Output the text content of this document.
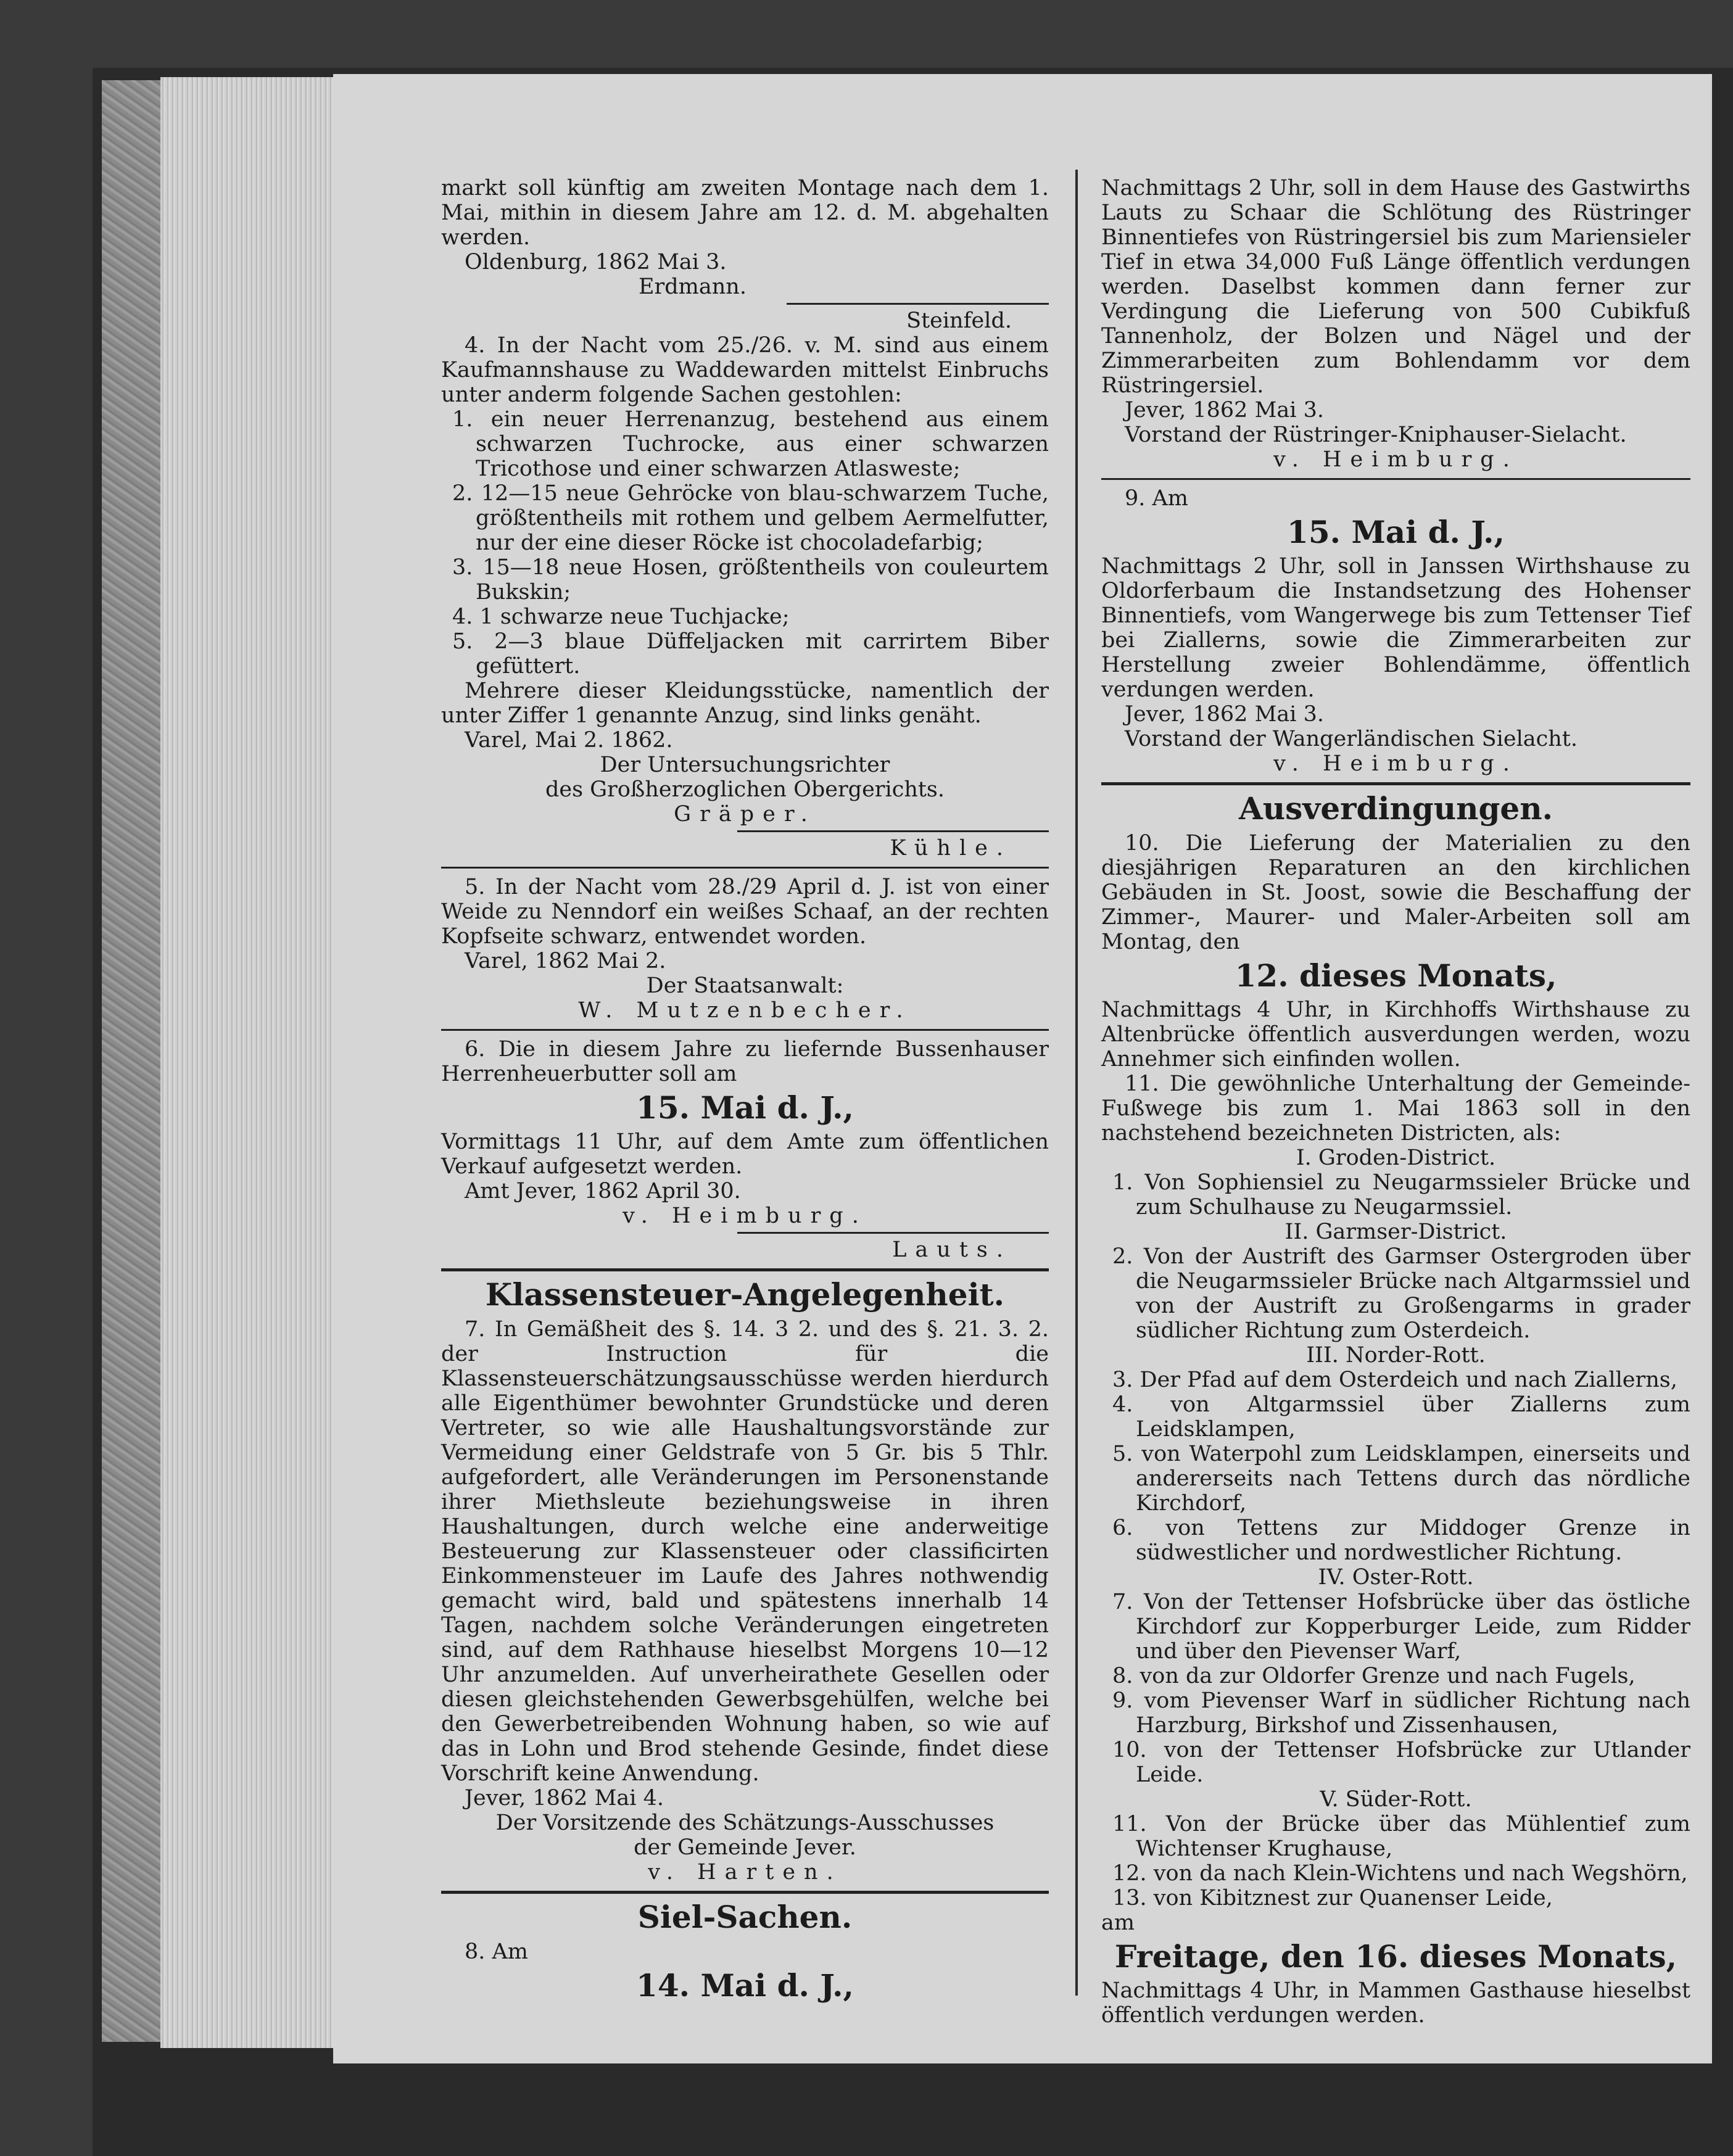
markt soll künftig am zweiten Montage nach dem 1. Mai, mithin in diesem Jahre am 12. d. M. abgehalten werden.

Oldenburg, 1862 Mai 3.

Erdmann.

Steinfeld.

4. In der Nacht vom 25./26. v. M. sind aus einem Kaufmannshause zu Waddewarden mittelst Einbruchs unter anderm folgende Sachen gestohlen:

1. ein neuer Herrenanzug, bestehend aus einem schwarzen Tuchrocke, aus einer schwarzen Tricothose und einer schwarzen Atlasweste;

2. 12—15 neue Gehröcke von blau-schwarzem Tuche, größtentheils mit rothem und gelbem Aermelfutter, nur der eine dieser Röcke ist chocoladefarbig;

3. 15—18 neue Hosen, größtentheils von couleurtem Bukskin;

4. 1 schwarze neue Tuchjacke;

5. 2—3 blaue Düffeljacken mit carrirtem Biber gefüttert.

Mehrere dieser Kleidungsstücke, namentlich der unter Ziffer 1 genannte Anzug, sind links genäht.

Varel, Mai 2. 1862.

Der Untersuchungsrichter

des Großherzoglichen Obergerichts.

Gräper.

Kühle.

5. In der Nacht vom 28./29 April d. J. ist von einer Weide zu Nenndorf ein weißes Schaaf, an der rechten Kopfseite schwarz, entwendet worden.

Varel, 1862 Mai 2.

Der Staatsanwalt:

W. Mutzenbecher.

6. Die in diesem Jahre zu liefernde Bussenhauser Herrenheuerbutter soll am

15. Mai d. J.,

Vormittags 11 Uhr, auf dem Amte zum öffentlichen Verkauf aufgesetzt werden.

Amt Jever, 1862 April 30.

v. Heimburg.

Lauts.

Klassensteuer-Angelegenheit.

7. In Gemäßheit des §. 14. 3 2. und des §. 21. 3. 2. der Instruction für die Klassensteuerschätzungsausschüsse werden hierdurch alle Eigenthümer bewohnter Grundstücke und deren Vertreter, so wie alle Haushaltungsvorstände zur Vermeidung einer Geldstrafe von 5 Gr. bis 5 Thlr. aufgefordert, alle Veränderungen im Personenstande ihrer Miethsleute beziehungsweise in ihren Haushaltungen, durch welche eine anderweitige Besteuerung zur Klassensteuer oder classificirten Einkommensteuer im Laufe des Jahres nothwendig gemacht wird, bald und spätestens innerhalb 14 Tagen, nachdem solche Veränderungen eingetreten sind, auf dem Rathhause hieselbst Morgens 10—12 Uhr anzumelden. Auf unverheirathete Gesellen oder diesen gleichstehenden Gewerbsgehülfen, welche bei den Gewerbetreibenden Wohnung haben, so wie auf das in Lohn und Brod stehende Gesinde, findet diese Vorschrift keine Anwendung.

Jever, 1862 Mai 4.

Der Vorsitzende des Schätzungs-Ausschusses

der Gemeinde Jever.

v. Harten.

Siel-Sachen.

8. Am

14. Mai d. J.,

Nachmittags 2 Uhr, soll in dem Hause des Gastwirths Lauts zu Schaar die Schlötung des Rüstringer Binnentiefes von Rüstringersiel bis zum Mariensieler Tief in etwa 34,000 Fuß Länge öffentlich verdungen werden. Daselbst kommen dann ferner zur Verdingung die Lieferung von 500 Cubikfuß Tannenholz, der Bolzen und Nägel und der Zimmerarbeiten zum Bohlendamm vor dem Rüstringersiel.

Jever, 1862 Mai 3.

Vorstand der Rüstringer-Kniphauser-Sielacht.

v. Heimburg.

9. Am

15. Mai d. J.,

Nachmittags 2 Uhr, soll in Janssen Wirthshause zu Oldorferbaum die Instandsetzung des Hohenser Binnentiefs, vom Wangerwege bis zum Tettenser Tief bei Ziallerns, sowie die Zimmerarbeiten zur Herstellung zweier Bohlendämme, öffentlich verdungen werden.

Jever, 1862 Mai 3.

Vorstand der Wangerländischen Sielacht.

v. Heimburg.

Ausverdingungen.

10. Die Lieferung der Materialien zu den diesjährigen Reparaturen an den kirchlichen Gebäuden in St. Joost, sowie die Beschaffung der Zimmer-, Maurer- und Maler-Arbeiten soll am Montag, den

12. dieses Monats,

Nachmittags 4 Uhr, in Kirchhoffs Wirthshause zu Altenbrücke öffentlich ausverdungen werden, wozu Annehmer sich einfinden wollen.

11. Die gewöhnliche Unterhaltung der Gemeinde-Fußwege bis zum 1. Mai 1863 soll in den nachstehend bezeichneten Districten, als:

I. Groden-District.

1. Von Sophiensiel zu Neugarmssieler Brücke und zum Schulhause zu Neugarmssiel.

II. Garmser-District.

2. Von der Austrift des Garmser Ostergroden über die Neugarmssieler Brücke nach Altgarmssiel und von der Austrift zu Großengarms in grader südlicher Richtung zum Osterdeich.

III. Norder-Rott.

3. Der Pfad auf dem Osterdeich und nach Ziallerns,

4. von Altgarmssiel über Ziallerns zum Leidsklampen,

5. von Waterpohl zum Leidsklampen, einerseits und andererseits nach Tettens durch das nördliche Kirchdorf,

6. von Tettens zur Middoger Grenze in südwestlicher und nordwestlicher Richtung.

IV. Oster-Rott.

7. Von der Tettenser Hofsbrücke über das östliche Kirchdorf zur Kopperburger Leide, zum Ridder und über den Pievenser Warf,

8. von da zur Oldorfer Grenze und nach Fugels,

9. vom Pievenser Warf in südlicher Richtung nach Harzburg, Birkshof und Zissenhausen,

10. von der Tettenser Hofsbrücke zur Utlander Leide.

V. Süder-Rott.

11. Von der Brücke über das Mühlentief zum Wichtenser Krughause,

12. von da nach Klein-Wichtens und nach Wegshörn,

13. von Kibitznest zur Quanenser Leide,

am

Freitage, den 16. dieses Monats,

Nachmittags 4 Uhr, in Mammen Gasthause hieselbst öffentlich verdungen werden.
